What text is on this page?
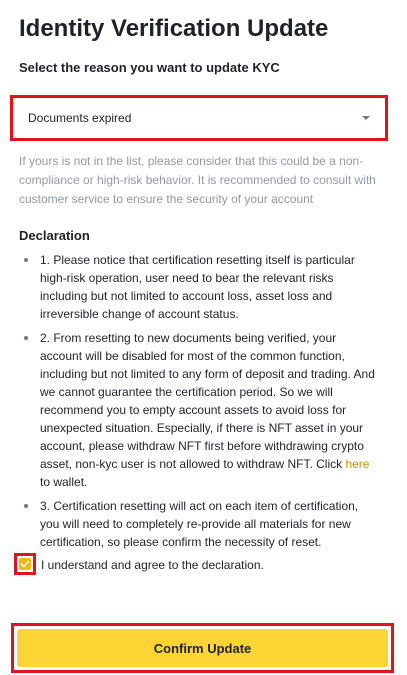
Identity Verification Update
Select the reason you want to update KYC
Documents expired
If yours is not in the list, please consider that this could be a non-compliance or high-risk behavior. It is recommended to consult with customer service to ensure the security of your account
Declaration
1. Please notice that certification resetting itself is particular high-risk operation, user need to bear the relevant risks including but not limited to account loss, asset loss and irreversible change of account status.
2. From resetting to new documents being verified, your account will be disabled for most of the common function, including but not limited to any form of deposit and trading. And we cannot guarantee the certification period. So we will recommend you to empty account assets to avoid loss for unexpected situation. Especially, if there is NFT asset in your account, please withdraw NFT first before withdrawing crypto asset, non-kyc user is not allowed to withdraw NFT. Click here to wallet.
3. Certification resetting will act on each item of certification, you will need to completely re-provide all materials for new certification, so please confirm the necessity of reset.
I understand and agree to the declaration.
Confirm Update
